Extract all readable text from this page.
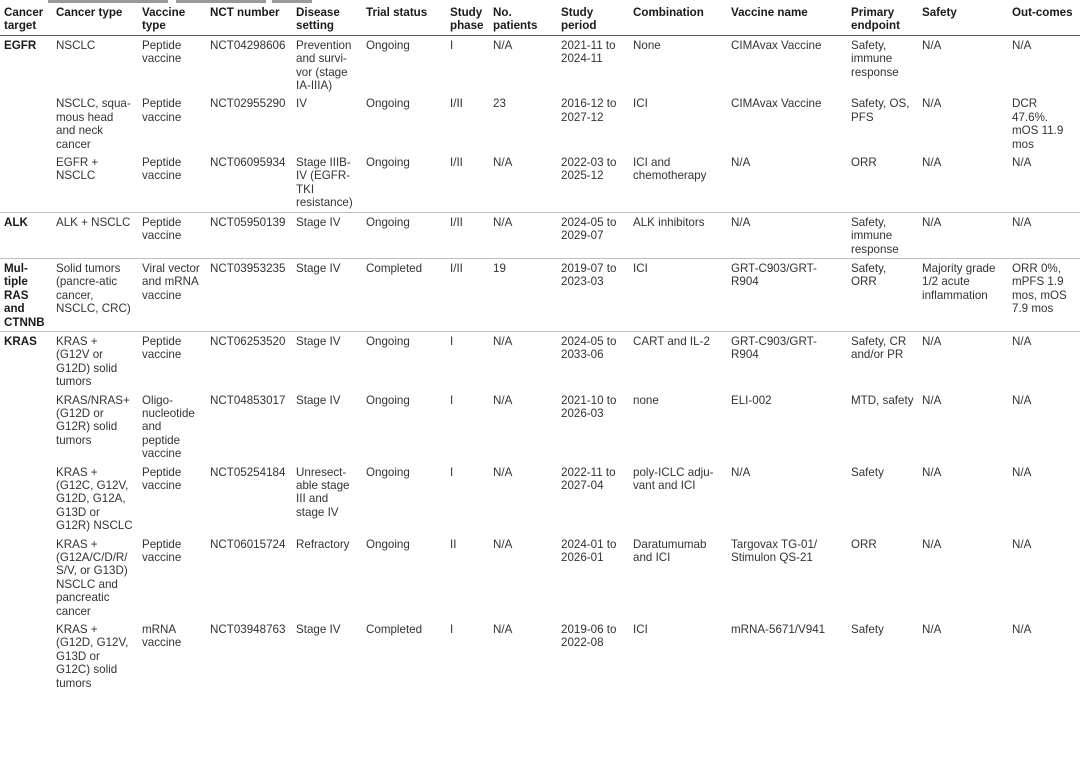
Cancer target	Cancer type	Vaccine type	NCT number	Disease setting	Trial status	Study phase	No. patients	Study period	Combination	Vaccine name	Primary endpoint	Safety	Out-comes
EGFR	NSCLC	Peptide vaccine	NCT04298606	Prevention and survi-vor (stage IA-IIIA)	Ongoing	I	N/A	2021-11 to 2024-11	None	CIMAvax Vaccine	Safety, immune response	N/A	N/A
	NSCLC, squa-mous head and neck cancer	Peptide vaccine	NCT02955290	IV	Ongoing	I/II	23	2016-12 to 2027-12	ICI	CIMAvax Vaccine	Safety, OS, PFS	N/A	DCR 47.6%. mOS 11.9 mos
	EGFR + NSCLC	Peptide vaccine	NCT06095934	Stage IIIB-IV (EGFR-TKI resistance)	Ongoing	I/II	N/A	2022-03 to 2025-12	ICI and chemotherapy	N/A	ORR	N/A	N/A
ALK	ALK + NSCLC	Peptide vaccine	NCT05950139	Stage IV	Ongoing	I/II	N/A	2024-05 to 2029-07	ALK inhibitors	N/A	Safety, immune response	N/A	N/A
Mul-tiple RAS and CTNNB	Solid tumors (pancre-atic cancer, NSCLC, CRC)	Viral vector and mRNA vaccine	NCT03953235	Stage IV	Completed	I/II	19	2019-07 to 2023-03	ICI	GRT-C903/GRT-R904	Safety, ORR	Majority grade 1/2 acute inflammation	ORR 0%, mPFS 1.9 mos, mOS 7.9 mos
KRAS	KRAS + (G12V or G12D) solid tumors	Peptide vaccine	NCT06253520	Stage IV	Ongoing	I	N/A	2024-05 to 2033-06	CART and IL-2	GRT-C903/GRT-R904	Safety, CR and/or PR	N/A	N/A
	KRAS/NRAS+ (G12D or G12R) solid tumors	Oligo-nucleotide and peptide vaccine	NCT04853017	Stage IV	Ongoing	I	N/A	2021-10 to 2026-03	none	ELI-002	MTD, safety	N/A	N/A
	KRAS + (G12C, G12V, G12D, G12A, G13D or G12R) NSCLC	Peptide vaccine	NCT05254184	Unresect-able stage III and stage IV	Ongoing	I	N/A	2022-11 to 2027-04	poly-ICLC adju-vant and ICI	N/A	Safety	N/A	N/A
	KRAS + (G12A/C/D/R/ S/V, or G13D) NSCLC and pancreatic cancer	Peptide vaccine	NCT06015724	Refractory	Ongoing	II	N/A	2024-01 to 2026-01	Daratumumab and ICI	Targovax TG-01/ Stimulon QS-21	ORR	N/A	N/A
	KRAS + (G12D, G12V, G13D or G12C) solid tumors	mRNA vaccine	NCT03948763	Stage IV	Completed	I	N/A	2019-06 to 2022-08	ICI	mRNA-5671/V941	Safety	N/A	N/A
